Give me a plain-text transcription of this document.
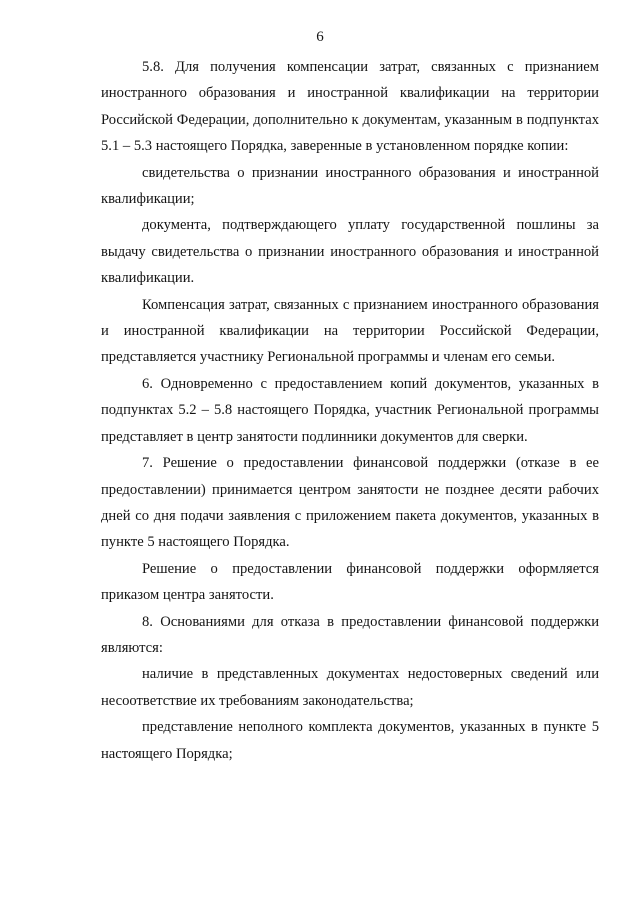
6

5.8. Для получения компенсации затрат, связанных с признанием иностранного образования и иностранной квалификации на территории Российской Федерации, дополнительно к документам, указанным в подпунктах 5.1 – 5.3 настоящего Порядка, заверенные в установленном порядке копии:

свидетельства о признании иностранного образования и иностранной квалификации;

документа, подтверждающего уплату государственной пошлины за выдачу свидетельства о признании иностранного образования и иностранной квалификации.

Компенсация затрат, связанных с признанием иностранного образования и иностранной квалификации на территории Российской Федерации, представляется участнику Региональной программы и членам его семьи.

6. Одновременно с предоставлением копий документов, указанных в подпунктах 5.2 – 5.8 настоящего Порядка, участник Региональной программы представляет в центр занятости подлинники документов для сверки.

7. Решение о предоставлении финансовой поддержки (отказе в ее предоставлении) принимается центром занятости не позднее десяти рабочих дней со дня подачи заявления с приложением пакета документов, указанных в пункте 5 настоящего Порядка.

Решение о предоставлении финансовой поддержки оформляется приказом центра занятости.

8. Основаниями для отказа в предоставлении финансовой поддержки являются:

наличие в представленных документах недостоверных сведений или несоответствие их требованиям законодательства;

представление неполного комплекта документов, указанных в пункте 5 настоящего Порядка;
